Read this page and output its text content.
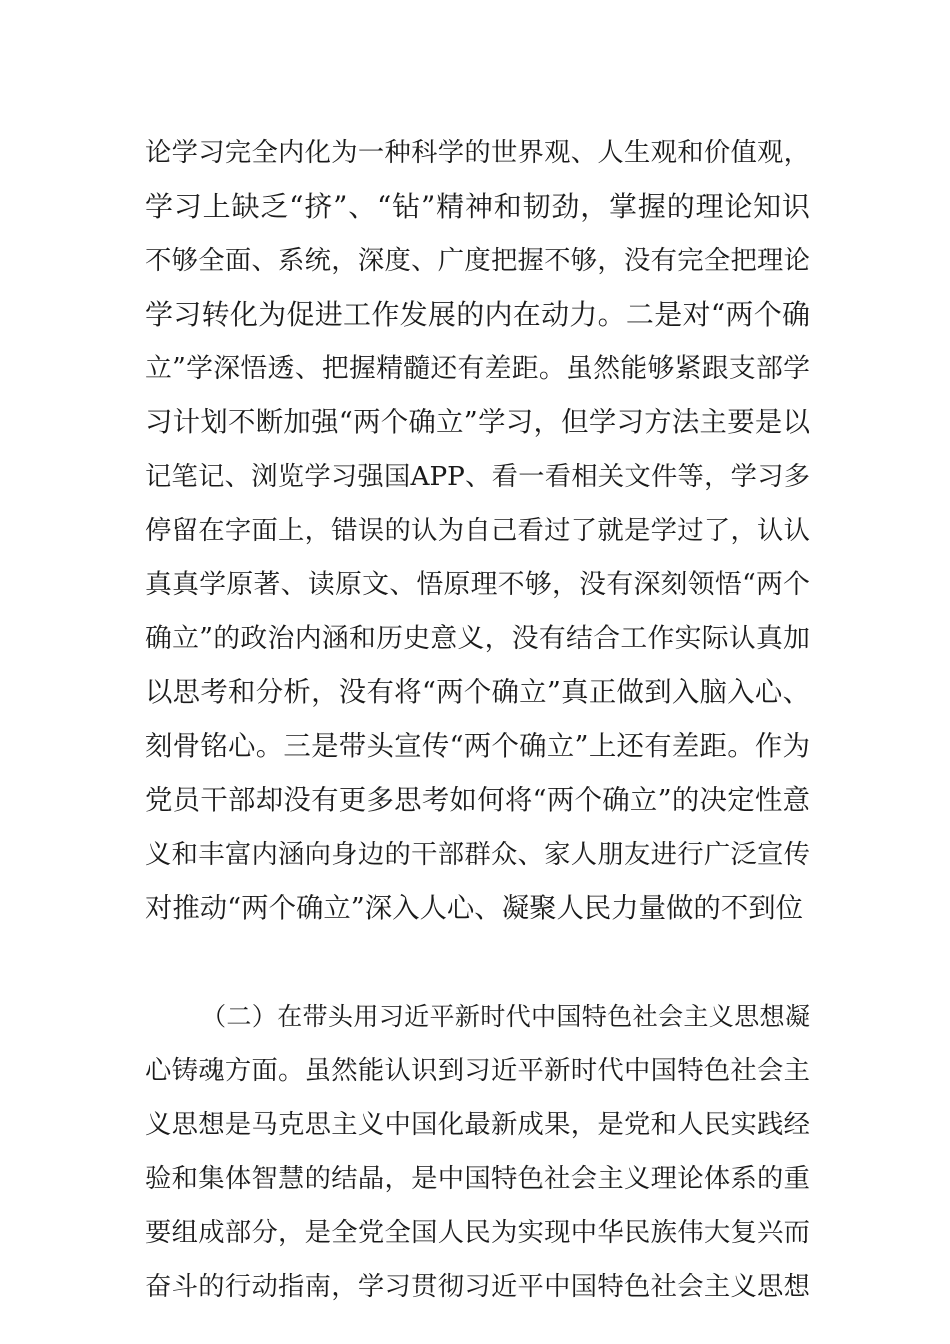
论学习完全内化为一种科学的世界观、人生观和价值观，
学习上缺乏“挤”、“钻”精神和韧劲，掌握的理论知识
不够全面、系统，深度、广度把握不够，没有完全把理论
学习转化为促进工作发展的内在动力。二是对“两个确
立”学深悟透、把握精髓还有差距。虽然能够紧跟支部学
习计划不断加强“两个确立”学习，但学习方法主要是以
记笔记、浏览学习强国APP、看一看相关文件等，学习多
停留在字面上，错误的认为自己看过了就是学过了，认认
真真学原著、读原文、悟原理不够，没有深刻领悟“两个
确立”的政治内涵和历史意义，没有结合工作实际认真加
以思考和分析，没有将“两个确立”真正做到入脑入心、
刻骨铭心。三是带头宣传“两个确立”上还有差距。作为
党员干部却没有更多思考如何将“两个确立”的决定性意
义和丰富内涵向身边的干部群众、家人朋友进行广泛宣传
对推动“两个确立”深入人心、凝聚人民力量做的不到位
（二）在带头用习近平新时代中国特色社会主义思想凝
心铸魂方面。虽然能认识到习近平新时代中国特色社会主
义思想是马克思主义中国化最新成果，是党和人民实践经
验和集体智慧的结晶，是中国特色社会主义理论体系的重
要组成部分，是全党全国人民为实现中华民族伟大复兴而
奋斗的行动指南，学习贯彻习近平中国特色社会主义思想
